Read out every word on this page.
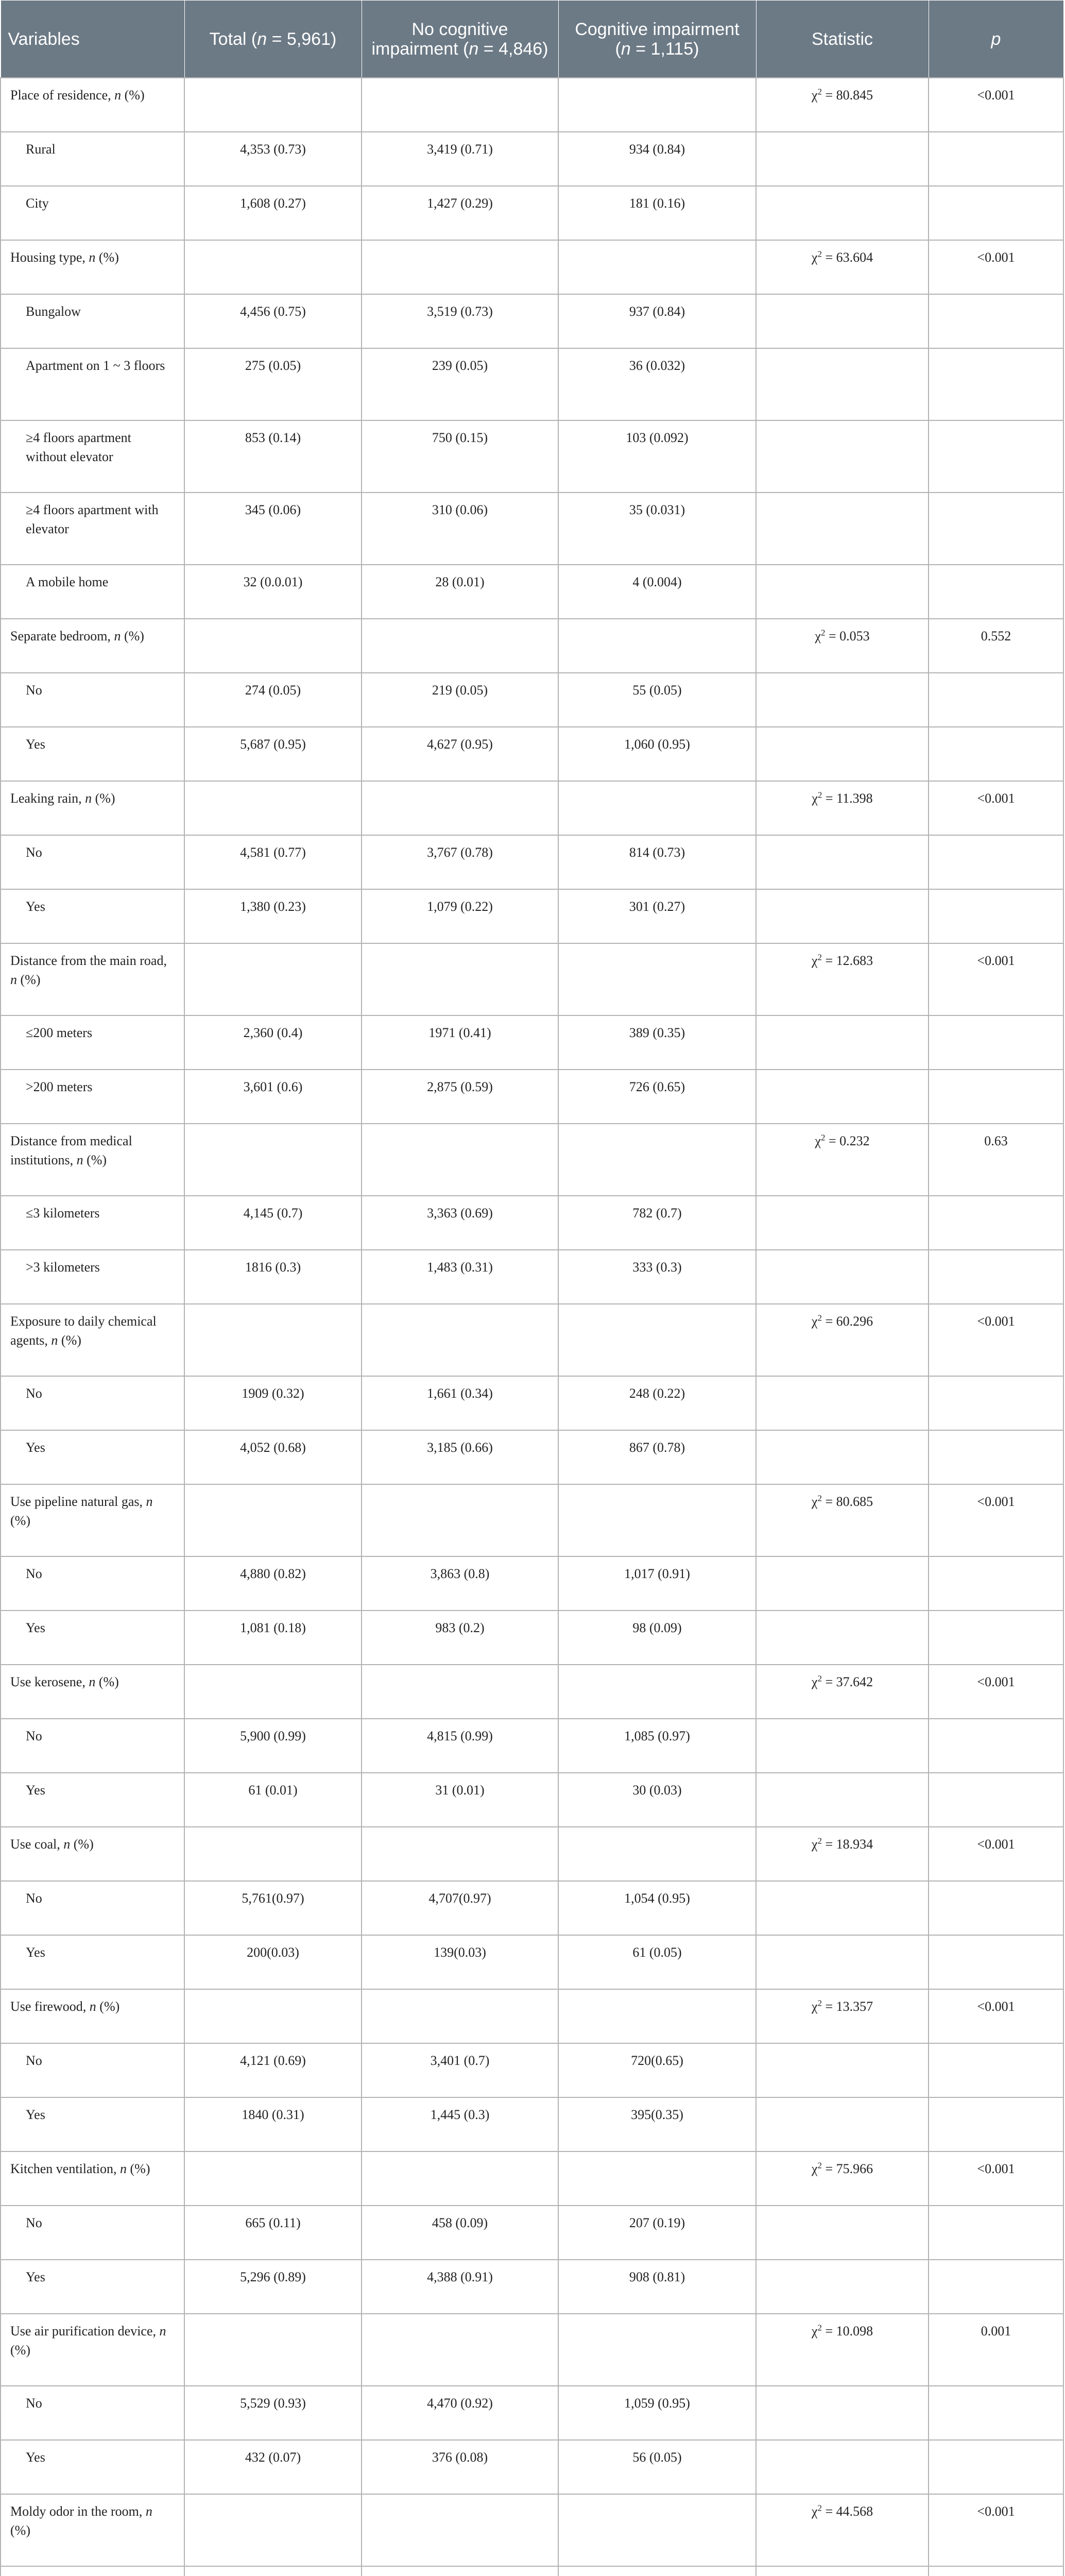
Variables	Total (n = 5,961)	No cognitive impairment (n = 4,846)	Cognitive impairment (n = 1,115)	Statistic	p
Place of residence, n (%)				$\chi^2 = 80.845$	<0.001
Rural	4,353 (0.73)	3,419 (0.71)	934 (0.84)		
City	1,608 (0.27)	1,427 (0.29)	181 (0.16)		
Housing type, n (%)				$\chi^2 = 63.604$	<0.001
Bungalow	4,456 (0.75)	3,519 (0.73)	937 (0.84)		
Apartment on 1 ~ 3 floors	275 (0.05)	239 (0.05)	36 (0.032)		
≥4 floors apartment without elevator	853 (0.14)	750 (0.15)	103 (0.092)		
≥4 floors apartment with elevator	345 (0.06)	310 (0.06)	35 (0.031)		
A mobile home	32 (0.0.01)	28 (0.01)	4 (0.004)		
Separate bedroom, n (%)				$\chi^2 = 0.053$	0.552
No	274 (0.05)	219 (0.05)	55 (0.05)		
Yes	5,687 (0.95)	4,627 (0.95)	1,060 (0.95)		
Leaking rain, n (%)				$\chi^2 = 11.398$	<0.001
No	4,581 (0.77)	3,767 (0.78)	814 (0.73)		
Yes	1,380 (0.23)	1,079 (0.22)	301 (0.27)		
Distance from the main road, n (%)				$\chi^2 = 12.683$	<0.001
≤200 meters	2,360 (0.4)	1971 (0.41)	389 (0.35)		
>200 meters	3,601 (0.6)	2,875 (0.59)	726 (0.65)		
Distance from medical institutions, n (%)				$\chi^2 = 0.232$	0.63
≤3 kilometers	4,145 (0.7)	3,363 (0.69)	782 (0.7)		
>3 kilometers	1816 (0.3)	1,483 (0.31)	333 (0.3)		
Exposure to daily chemical agents, n (%)				$\chi^2 = 60.296$	<0.001
No	1909 (0.32)	1,661 (0.34)	248 (0.22)		
Yes	4,052 (0.68)	3,185 (0.66)	867 (0.78)		
Use pipeline natural gas, n (%)				$\chi^2 = 80.685$	<0.001
No	4,880 (0.82)	3,863 (0.8)	1,017 (0.91)		
Yes	1,081 (0.18)	983 (0.2)	98 (0.09)		
Use kerosene, n (%)				$\chi^2 = 37.642$	<0.001
No	5,900 (0.99)	4,815 (0.99)	1,085 (0.97)		
Yes	61 (0.01)	31 (0.01)	30 (0.03)		
Use coal, n (%)				$\chi^2 = 18.934$	<0.001
No	5,761(0.97)	4,707(0.97)	1,054 (0.95)		
Yes	200(0.03)	139(0.03)	61 (0.05)		
Use firewood, n (%)				$\chi^2 = 13.357$	<0.001
No	4,121 (0.69)	3,401 (0.7)	720(0.65)		
Yes	1840 (0.31)	1,445 (0.3)	395(0.35)		
Kitchen ventilation, n (%)				$\chi^2 = 75.966$	<0.001
No	665 (0.11)	458 (0.09)	207 (0.19)		
Yes	5,296 (0.89)	4,388 (0.91)	908 (0.81)		
Use air purification device, n (%)				$\chi^2 = 10.098$	0.001
No	5,529 (0.93)	4,470 (0.92)	1,059 (0.95)		
Yes	432 (0.07)	376 (0.08)	56 (0.05)		
Moldy odor in the room, n (%)				$\chi^2 = 44.568$	<0.001
